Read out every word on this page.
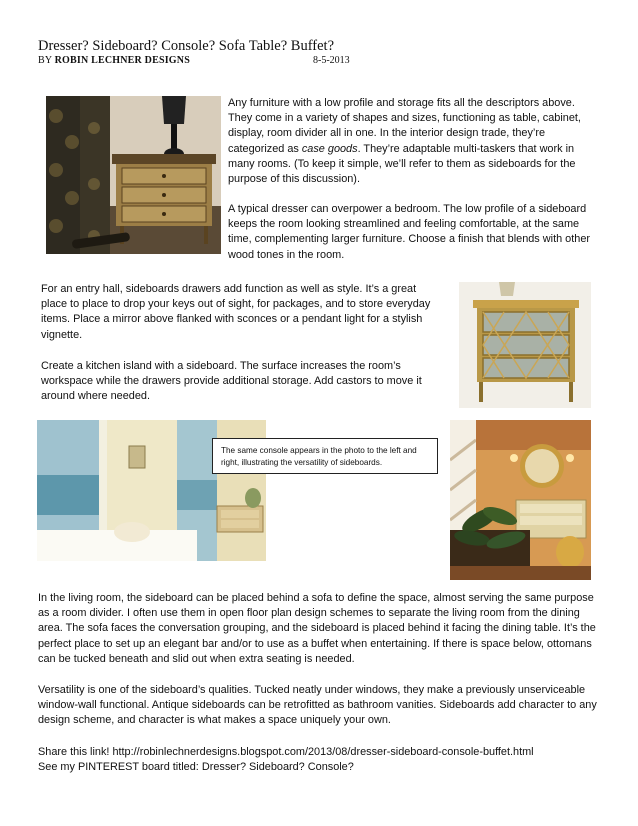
Dresser? Sideboard? Console? Sofa Table? Buffet?
BY ROBIN LECHNER DESIGNS	8-5-2013
Any furniture with a low profile and storage fits all the descriptors above. They come in a variety of shapes and sizes, functioning as table, cabinet, display, room divider all in one. In the interior design trade, they’re categorized as case goods. They’re adaptable multi-taskers that work in many rooms. (To keep it simple, we’ll refer to them as sideboards for the purpose of this discussion).
A typical dresser can overpower a bedroom. The low profile of a sideboard keeps the room looking streamlined and feeling comfortable, at the same time, complementing larger furniture. Choose a finish that blends with other wood tones in the room.
For an entry hall, sideboards drawers add function as well as style. It’s a great place to place to drop your keys out of sight, for packages, and to store everyday items. Place a mirror above flanked with sconces or a pendant light for a stylish vignette.
Create a kitchen island with a sideboard. The surface increases the room’s workspace while the drawers provide additional storage. Add castors to move it around where needed.
The same console appears in the photo to the left and right, illustrating the versatility of sideboards.
In the living room, the sideboard can be placed behind a sofa to define the space, almost serving the same purpose as a room divider. I often use them in open floor plan design schemes to separate the living room from the dining area. The sofa faces the conversation grouping, and the sideboard is placed behind it facing the dining table. It’s the perfect place to set up an elegant bar and/or to use as a buffet when entertaining. If there is space below, ottomans can be tucked beneath and slid out when extra seating is needed.
Versatility is one of the sideboard’s qualities. Tucked neatly under windows, they make a previously unserviceable window-wall functional. Antique sideboards can be retrofitted as bathroom vanities. Sideboards add character to any design scheme, and character is what makes a space uniquely your own.
Share this link! http://robinlechnerdesigns.blogspot.com/2013/08/dresser-sideboard-console-buffet.html
See my PINTEREST board titled: Dresser? Sideboard? Console?
